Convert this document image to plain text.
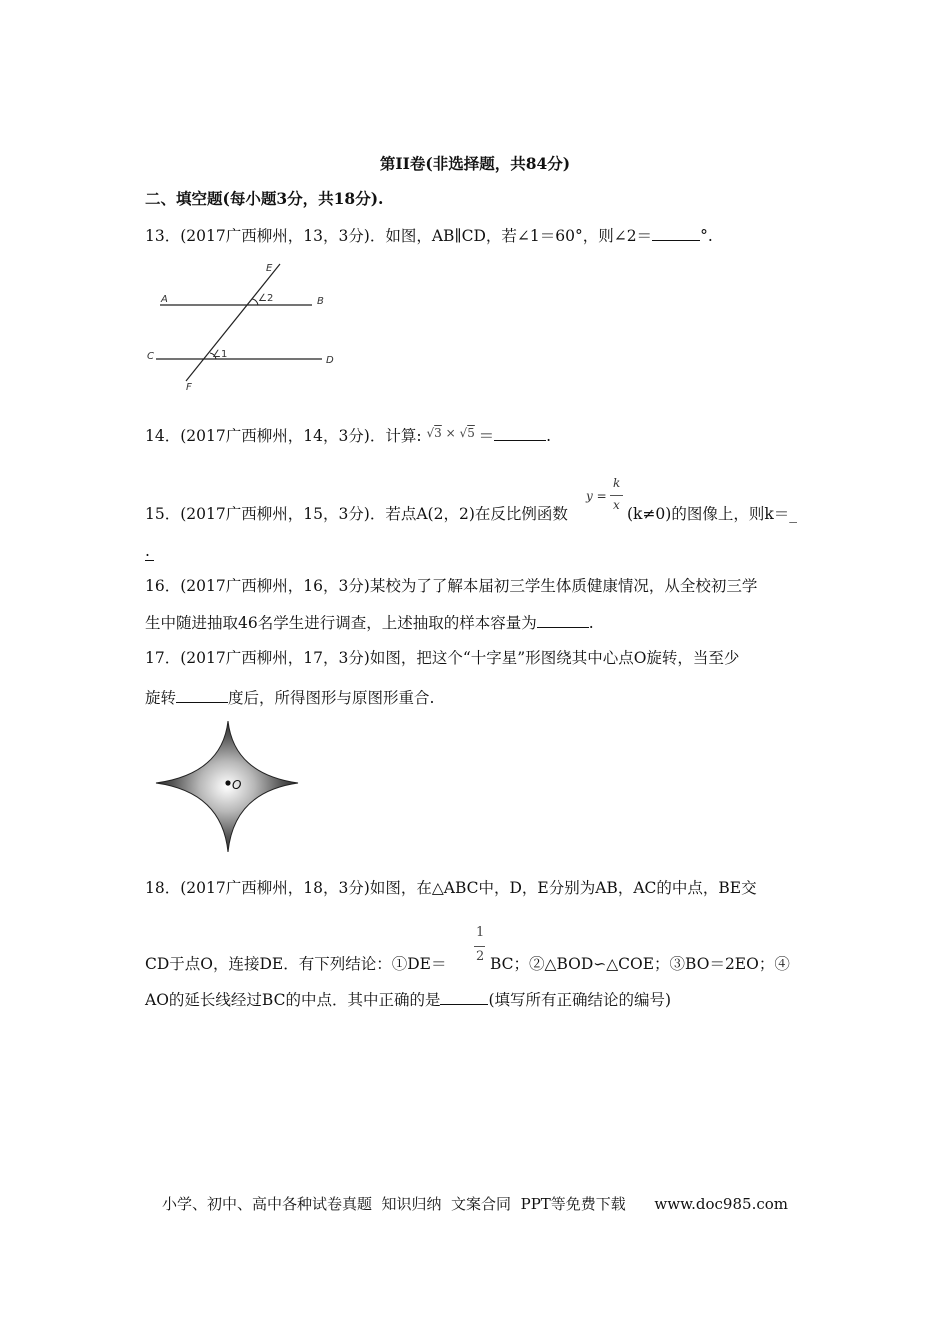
第II卷(非选择题，共84分)
二、填空题(每小题3分，共18分).
13．(2017广西柳州，13，3分)．如图，AB∥CD，若∠1＝60°，则∠2＝	°.
E
A	B
C	D
F
∠2
∠1
14．(2017广西柳州，14，3分)．计算: $^{√3 \times √5}$ ＝	.
y =
k
x
15．(2017广西柳州，15，3分)．若点A(2，2)在反比例函数	(k≠0)的图像上，则k＝_
.
16．(2017广西柳州，16，3分)某校为了了解本届初三学生体质健康情况，从全校初三学
生中随进抽取46名学生进行调查，上述抽取的样本容量为	.
17．(2017广西柳州，17，3分)如图，把这个“十字星”形图绕其中心点O旋转，当至少
旋转	度后，所得图形与原图形重合.
O
18．(2017广西柳州，18，3分)如图，在△ABC中，D，E分别为AB，AC的中点，BE交
1
2
CD于点O，连接DE．有下列结论：①DE＝	BC；②△BOD∽△COE；③BO＝2EO；④
AO的延长线经过BC的中点．其中正确的是	(填写所有正确结论的编号)
小学、初中、高中各种试卷真题  知识归纳  文案合同  PPT等免费下载      www.doc985.com
